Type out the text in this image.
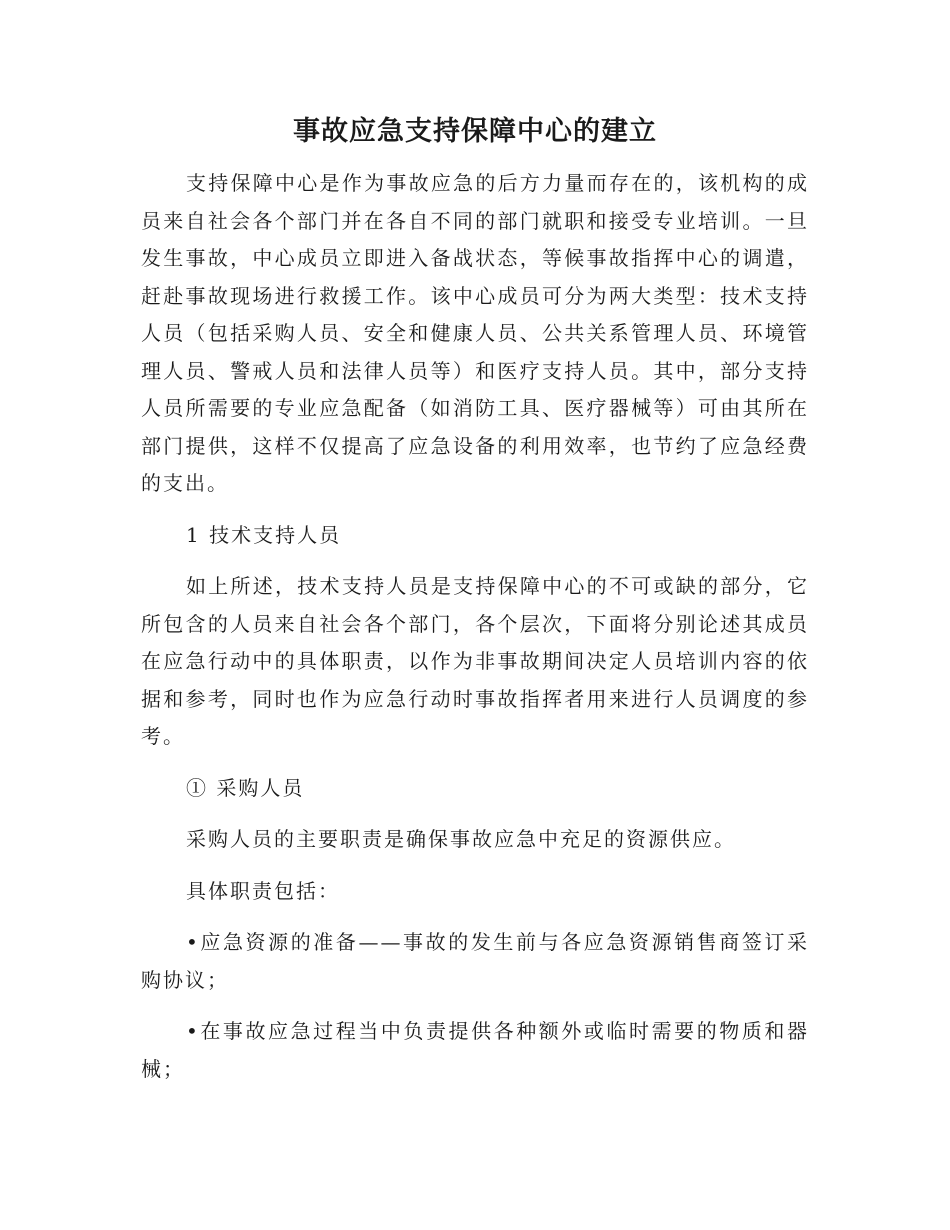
事故应急支持保障中心的建立

支持保障中心是作为事故应急的后方力量而存在的，该机构的成员来自社会各个部门并在各自不同的部门就职和接受专业培训。一旦发生事故，中心成员立即进入备战状态，等候事故指挥中心的调遣，赶赴事故现场进行救援工作。该中心成员可分为两大类型：技术支持人员（包括采购人员、安全和健康人员、公共关系管理人员、环境管理人员、警戒人员和法律人员等）和医疗支持人员。其中，部分支持人员所需要的专业应急配备（如消防工具、医疗器械等）可由其所在部门提供，这样不仅提高了应急设备的利用效率，也节约了应急经费的支出。

1 技术支持人员

如上所述，技术支持人员是支持保障中心的不可或缺的部分，它所包含的人员来自社会各个部门，各个层次，下面将分别论述其成员在应急行动中的具体职责，以作为非事故期间决定人员培训内容的依据和参考，同时也作为应急行动时事故指挥者用来进行人员调度的参考。

① 采购人员

采购人员的主要职责是确保事故应急中充足的资源供应。

具体职责包括：

•应急资源的准备——事故的发生前与各应急资源销售商签订采购协议；

•在事故应急过程当中负责提供各种额外或临时需要的物质和器械；
